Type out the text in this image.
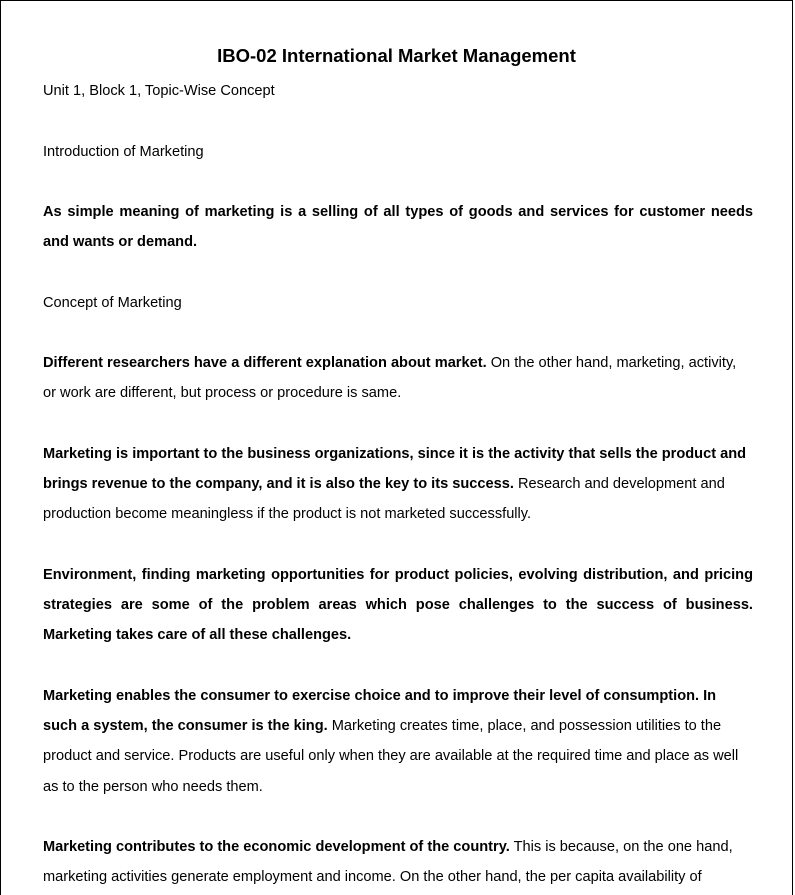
IBO-02 International Market Management

Unit 1, Block 1, Topic-Wise Concept

Introduction of Marketing

As simple meaning of marketing is a selling of all types of goods and services for customer needs and wants or demand.

Concept of Marketing

Different researchers have a different explanation about market. On the other hand, marketing, activity, or work are different, but process or procedure is same.

Marketing is important to the business organizations, since it is the activity that sells the product and brings revenue to the company, and it is also the key to its success. Research and development and production become meaningless if the product is not marketed successfully.

Environment, finding marketing opportunities for product policies, evolving distribution, and pricing strategies are some of the problem areas which pose challenges to the success of business. Marketing takes care of all these challenges.

Marketing enables the consumer to exercise choice and to improve their level of consumption. In such a system, the consumer is the king. Marketing creates time, place, and possession utilities to the product and service. Products are useful only when they are available at the required time and place as well as to the person who needs them.

Marketing contributes to the economic development of the country. This is because, on the one hand, marketing activities generate employment and income. On the other hand, the per capita availability of
